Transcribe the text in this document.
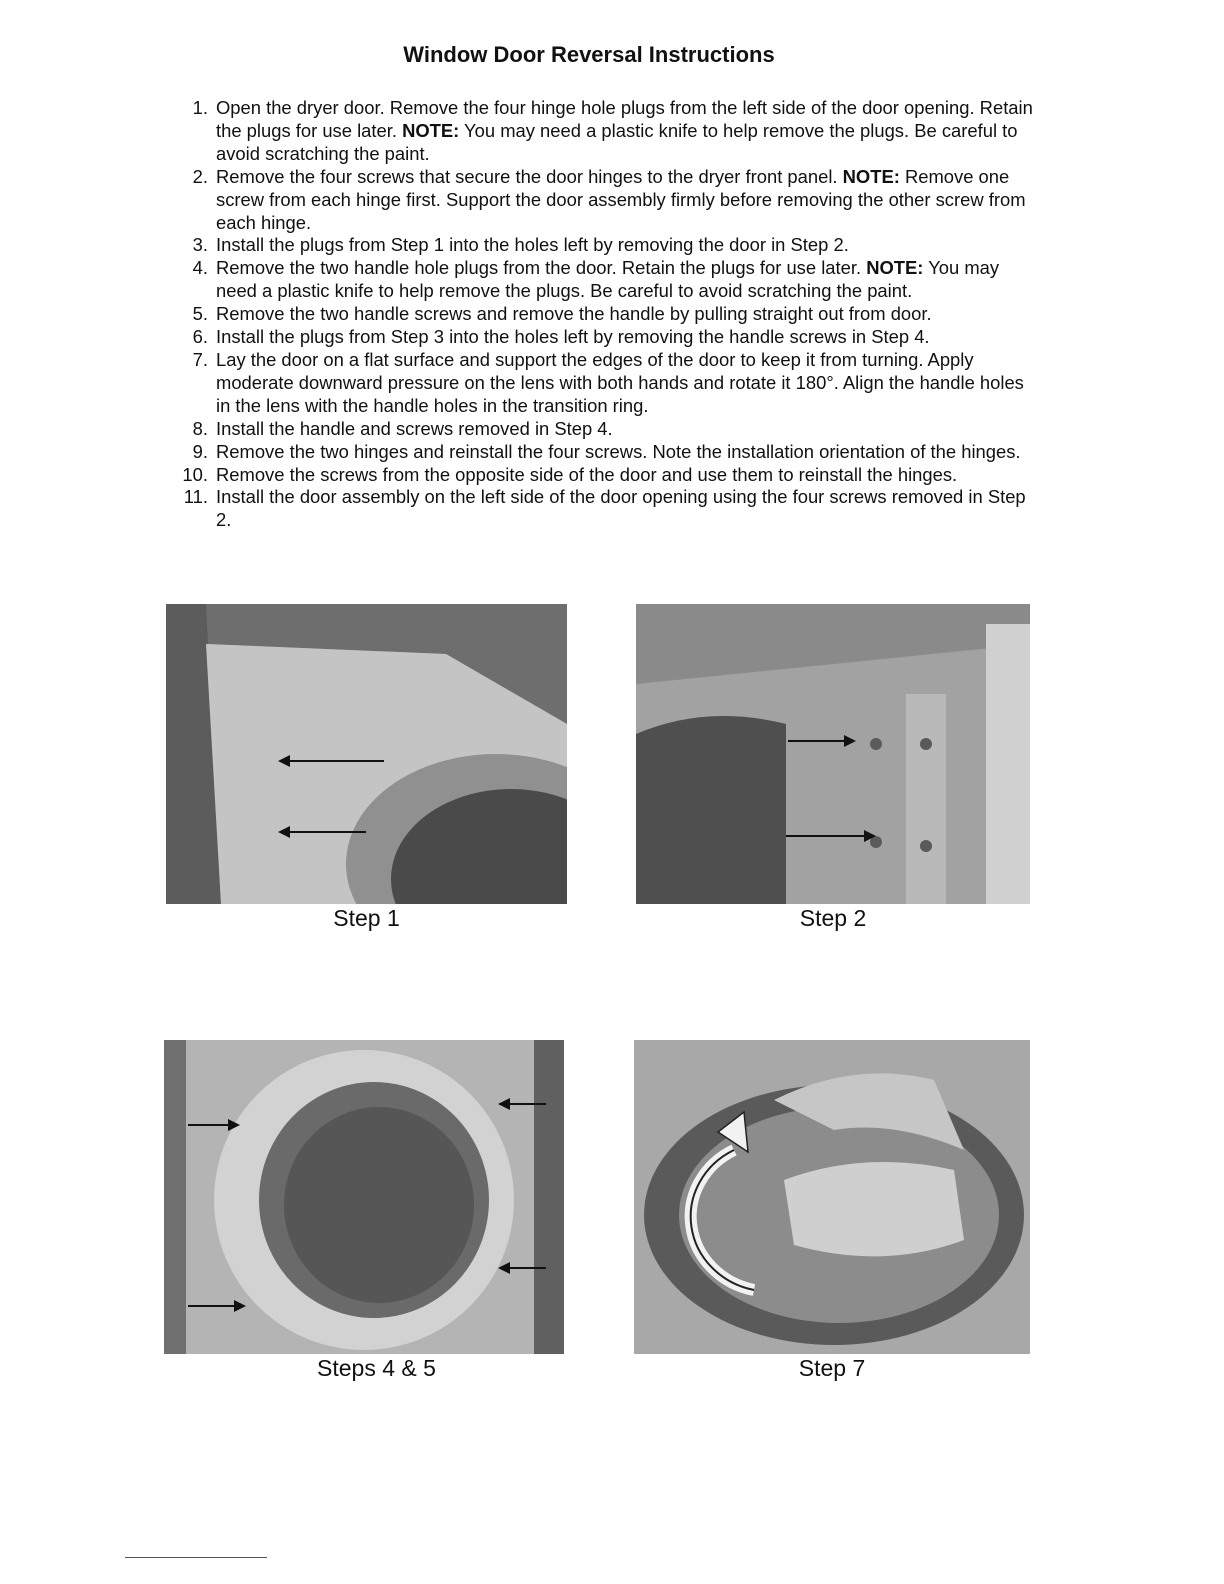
Window Door Reversal Instructions
1. Open the dryer door. Remove the four hinge hole plugs from the left side of the door opening. Retain the plugs for use later. NOTE: You may need a plastic knife to help remove the plugs. Be careful to avoid scratching the paint.
2. Remove the four screws that secure the door hinges to the dryer front panel. NOTE: Remove one screw from each hinge first. Support the door assembly firmly before removing the other screw from each hinge.
3. Install the plugs from Step 1 into the holes left by removing the door in Step 2.
4. Remove the two handle hole plugs from the door. Retain the plugs for use later. NOTE: You may need a plastic knife to help remove the plugs. Be careful to avoid scratching the paint.
5. Remove the two handle screws and remove the handle by pulling straight out from door.
6. Install the plugs from Step 3 into the holes left by removing the handle screws in Step 4.
7. Lay the door on a flat surface and support the edges of the door to keep it from turning. Apply moderate downward pressure on the lens with both hands and rotate it 180°. Align the handle holes in the lens with the handle holes in the transition ring.
8. Install the handle and screws removed in Step 4.
9. Remove the two hinges and reinstall the four screws. Note the installation orientation of the hinges.
10. Remove the screws from the opposite side of the door and use them to reinstall the hinges.
11. Install the door assembly on the left side of the door opening using the four screws removed in Step 2.
Step 1	Step 2
Steps 4 & 5	Step 7
